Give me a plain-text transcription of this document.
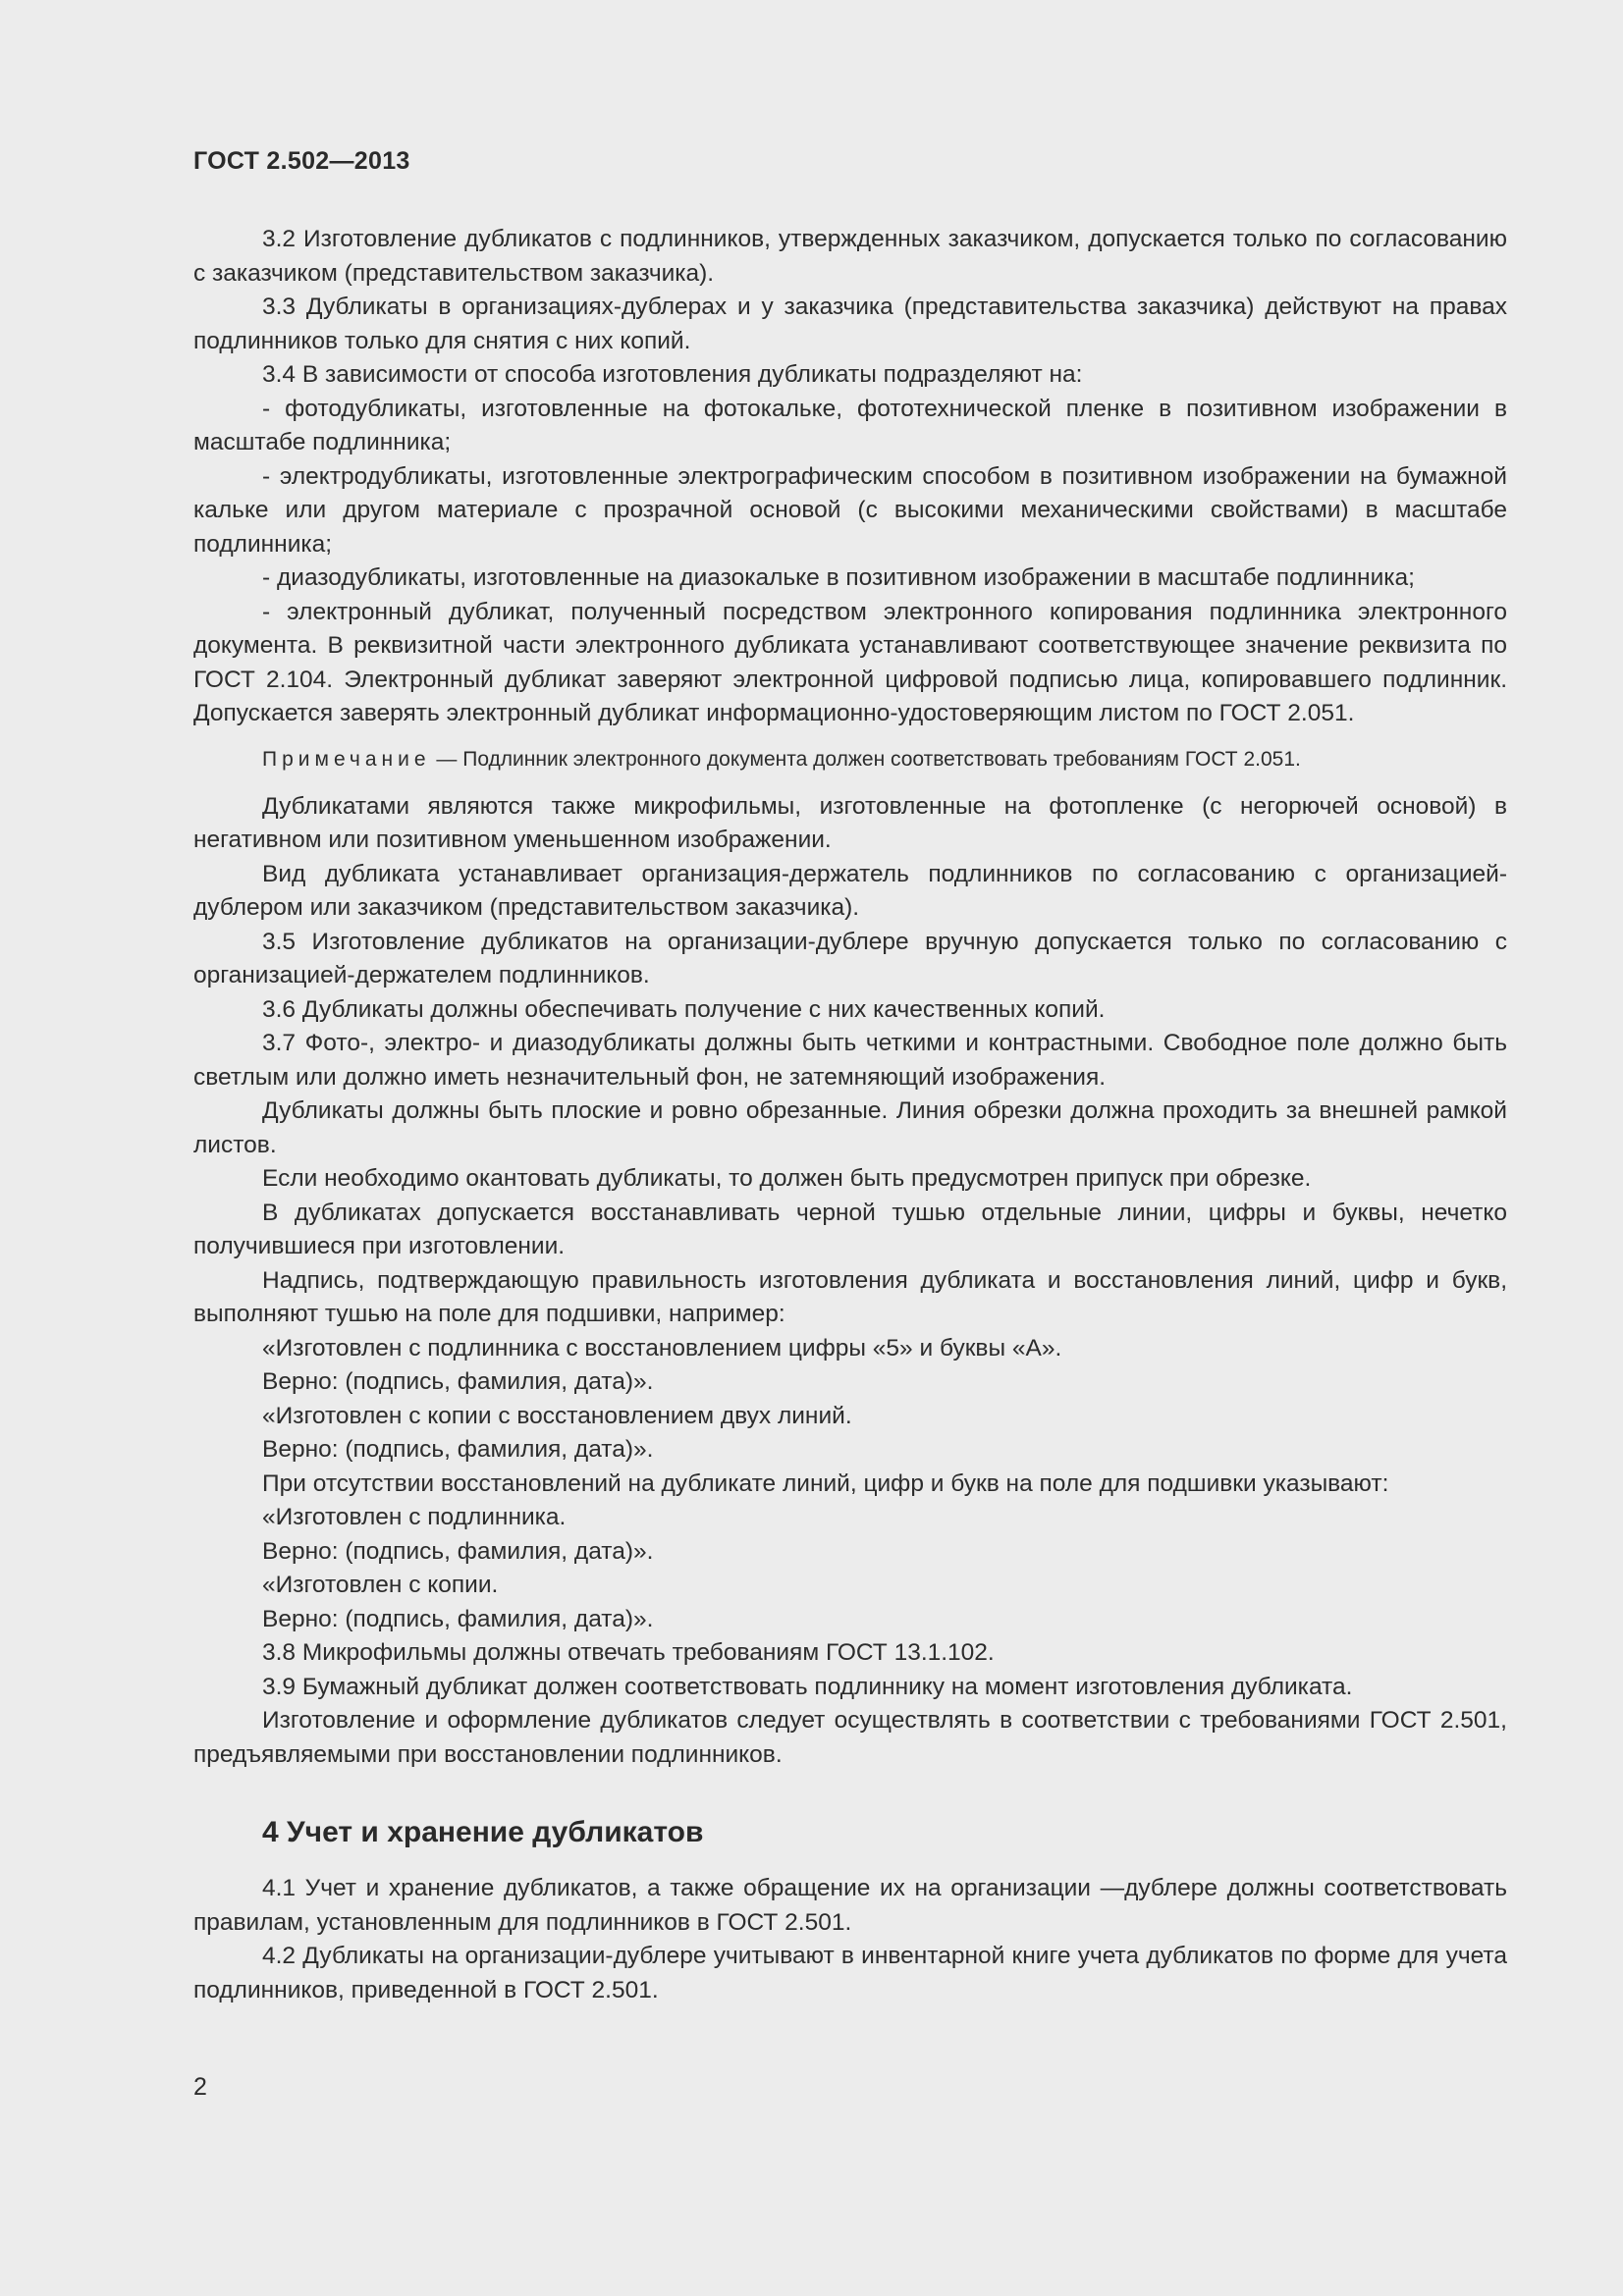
ГОСТ 2.502—2013

3.2 Изготовление дубликатов с подлинников, утвержденных заказчиком, допускается только по согласованию с заказчиком (представительством заказчика).

3.3 Дубликаты в организациях-дублерах и у заказчика (представительства заказчика) действуют на правах подлинников только для снятия с них копий.

3.4 В зависимости от способа изготовления дубликаты подразделяют на:

- фотодубликаты, изготовленные на фотокальке, фототехнической пленке в позитивном изображении в масштабе подлинника;

- электродубликаты, изготовленные электрографическим способом в позитивном изображении на бумажной кальке или другом материале с прозрачной основой (с высокими механическими свойствами) в масштабе подлинника;

- диазодубликаты, изготовленные на диазокальке в позитивном изображении в масштабе подлинника;

- электронный дубликат, полученный посредством электронного копирования подлинника электронного документа. В реквизитной части электронного дубликата устанавливают соответствующее значение реквизита по ГОСТ 2.104. Электронный дубликат заверяют электронной цифровой подписью лица, копировавшего подлинник. Допускается заверять электронный дубликат информационно-удостоверяющим листом по ГОСТ 2.051.

Примечание — Подлинник электронного документа должен соответствовать требованиям ГОСТ 2.051.

Дубликатами являются также микрофильмы, изготовленные на фотопленке (с негорючей основой) в негативном или позитивном уменьшенном изображении.

Вид дубликата устанавливает организация-держатель подлинников по согласованию с организацией-дублером или заказчиком (представительством заказчика).

3.5 Изготовление дубликатов на организации-дублере вручную допускается только по согласованию с организацией-держателем подлинников.

3.6 Дубликаты должны обеспечивать получение с них качественных копий.

3.7 Фото-, электро- и диазодубликаты должны быть четкими и контрастными. Свободное поле должно быть светлым или должно иметь незначительный фон, не затемняющий изображения.

Дубликаты должны быть плоские и ровно обрезанные. Линия обрезки должна проходить за внешней рамкой листов.

Если необходимо окантовать дубликаты, то должен быть предусмотрен припуск при обрезке.

В дубликатах допускается восстанавливать черной тушью отдельные линии, цифры и буквы, нечетко получившиеся при изготовлении.

Надпись, подтверждающую правильность изготовления дубликата и восстановления линий, цифр и букв, выполняют тушью на поле для подшивки, например:

«Изготовлен с подлинника с восстановлением цифры «5» и буквы «А».

Верно: (подпись, фамилия, дата)».

«Изготовлен с копии с восстановлением двух линий.

Верно: (подпись, фамилия, дата)».

При отсутствии восстановлений на дубликате линий, цифр и букв на поле для подшивки указывают:

«Изготовлен с подлинника.

Верно: (подпись, фамилия, дата)».

«Изготовлен с копии.

Верно: (подпись, фамилия, дата)».

3.8 Микрофильмы должны отвечать требованиям ГОСТ 13.1.102.

3.9 Бумажный дубликат должен соответствовать подлиннику на момент изготовления дубликата.

Изготовление и оформление дубликатов следует осуществлять в соответствии с требованиями ГОСТ 2.501, предъявляемыми при восстановлении подлинников.

4 Учет и хранение дубликатов

4.1 Учет и хранение дубликатов, а также обращение их на организации —дублере должны соответствовать правилам, установленным для подлинников в ГОСТ 2.501.

4.2 Дубликаты на организации-дублере учитывают в инвентарной книге учета дубликатов по форме для учета подлинников, приведенной в ГОСТ 2.501.

2
